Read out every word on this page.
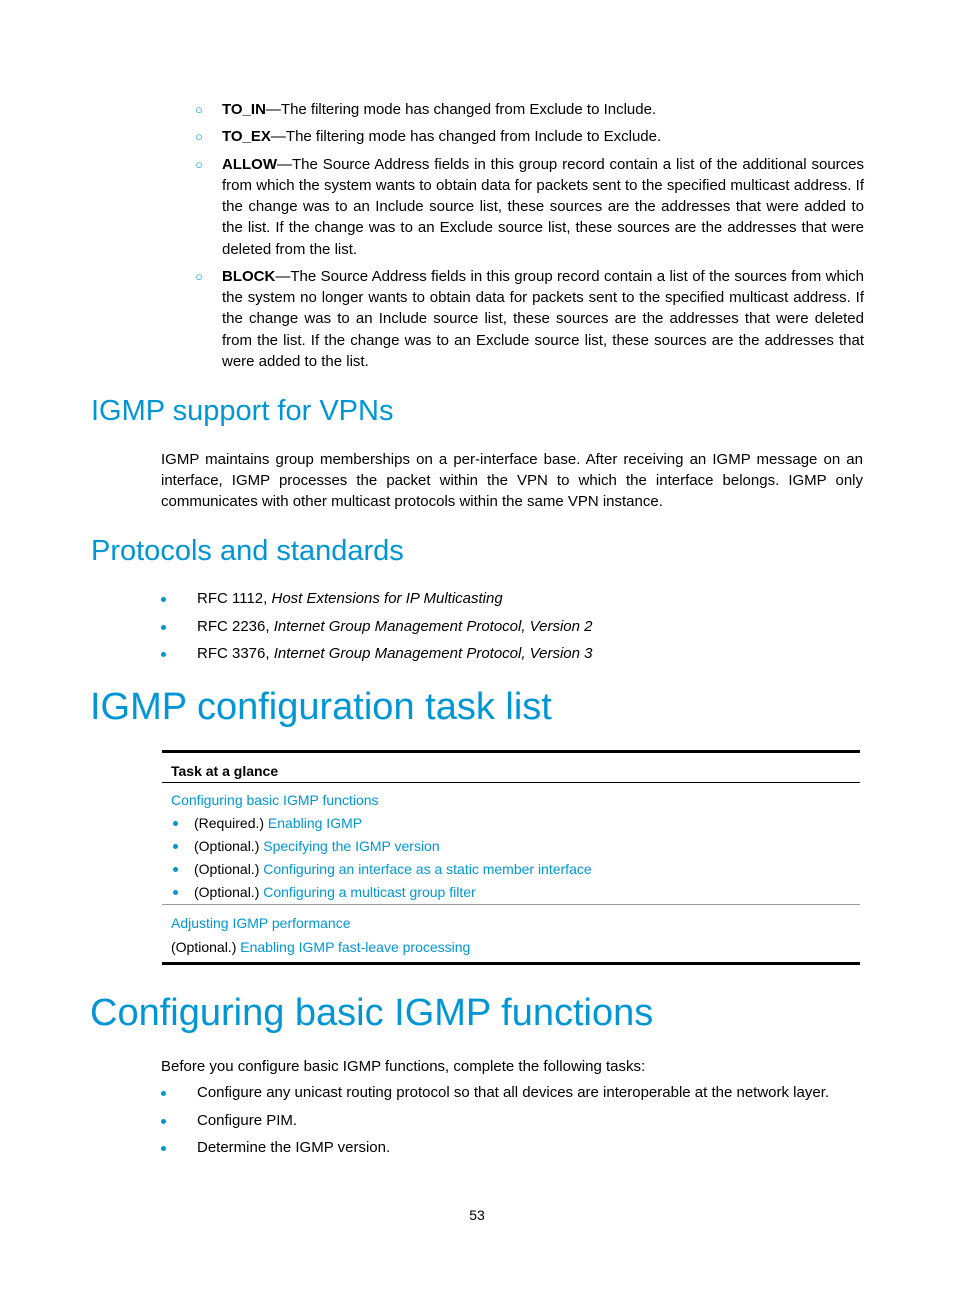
○ TO_IN—The filtering mode has changed from Exclude to Include.
○ TO_EX—The filtering mode has changed from Include to Exclude.
○ ALLOW—The Source Address fields in this group record contain a list of the additional sources from which the system wants to obtain data for packets sent to the specified multicast address. If the change was to an Include source list, these sources are the addresses that were added to the list. If the change was to an Exclude source list, these sources are the addresses that were deleted from the list.
○ BLOCK—The Source Address fields in this group record contain a list of the sources from which the system no longer wants to obtain data for packets sent to the specified multicast address. If the change was to an Include source list, these sources are the addresses that were deleted from the list. If the change was to an Exclude source list, these sources are the addresses that were added to the list.
IGMP support for VPNs

IGMP maintains group memberships on a per-interface base. After receiving an IGMP message on an interface, IGMP processes the packet within the VPN to which the interface belongs. IGMP only communicates with other multicast protocols within the same VPN instance.

Protocols and standards
RFC 1112, Host Extensions for IP Multicasting
RFC 2236, Internet Group Management Protocol, Version 2
RFC 3376, Internet Group Management Protocol, Version 3
IGMP configuration task list
Task at a glance
Configuring basic IGMP functions
(Required.) Enabling IGMP
(Optional.) Specifying the IGMP version
(Optional.) Configuring an interface as a static member interface
(Optional.) Configuring a multicast group filter
Adjusting IGMP performance
(Optional.) Enabling IGMP fast-leave processing
Configuring basic IGMP functions

Before you configure basic IGMP functions, complete the following tasks:

Configure any unicast routing protocol so that all devices are interoperable at the network layer.
Configure PIM.
Determine the IGMP version.
53
